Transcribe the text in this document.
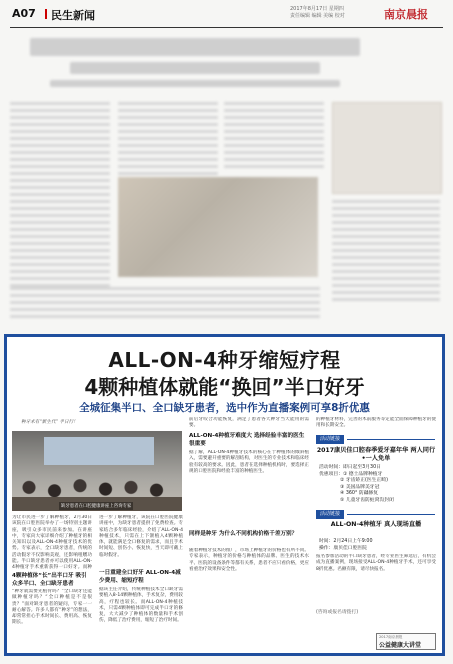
A07 民生新闻	2017年8月17日 星期四
责任编辑 编辑 美编 校对	南京晨报
ALL-ON-4种牙缩短疗程
4颗种植体就能“换回”半口好牙
全城征集半口、全口缺牙患者，选中作为直播案例可享8折优惠
种牙术有“新生代” 半日行！
缺牙患者在口腔健康讲座上咨询专家

为让市民进一步了解种植牙，2月30日该院在口腔医院举办了一场特别主题讲座，吸引众多市民前来参加。在讲座中，专家向大家详细介绍了种植牙的相关知识以及ALL-ON-4种植牙技术的优势。专家表示，全口缺牙患者，传统的活动假牙不仅影响美观，还影响咀嚼功能。半口缺牙患者亦可以使用ALL-ON-4种植牙手术重新获得一口好牙。而种

4颗种植体“长”出半口牙 吸引众多半口、全口缺牙患者

“种牙就需要先植骨吗？”全口缺牙还能做种植牙吗？“全口种植是不是很贵？”面对缺牙患者的疑问，专家一一耐心解答。许多人都有“种牙”的想法，却常常担心手术时间长、费用高、恢复期长。

进一步了解种植牙，该院在口腔医院健康讲座中，为缺牙患者提供了免费检查。专家结合多年临床经验，介绍了ALL-ON-4种植技术，只需在上下颌植入4颗种植体，就能满足全口修复的需求，而且手术时间短、创伤小、恢复快，当天即可戴上临时假牙。

一日重建全口好牙 ALL-ON-4减少费用、缩短疗程

据该主任介绍，传统种植技术全口缺牙需要植入8-14颗种植体，手术复杂，费用较高，疗程也较长。而ALL-ON-4种植技术，只需4颗种植体即可完成半口牙的修复，大大减少了种植体的数量和手术创伤，降低了治疗费用，缩短了治疗时间。

前后牙咬合功能恢复，满足了患者各天种牙当天能用的需要。

ALL-ON-4种植牙难度大 选择经验丰富的医生很重要

据了解，ALL-ON-4种植牙技术的核心在于种植体的倾斜植入，需要避开重要的解剖结构，对医生的专业技术和临床经验有较高的要求。因此，患者在选择种植机构时，要选择正规的口腔医院和经验丰富的种植医生。

同样是种牙 为什么不同机构价格千差万别？

随着种植牙技术的推广，市场上种植牙的价格也有所不同。专家表示，种植牙的价格与种植体的品牌、医生的技术水平、医院的设备条件等都有关系，患者不应只看价格，更应看重治疗效果和安全性。

的种植牙材料，完善的术前服务等定能全面保障种植牙的使用和长期安全。

活动链接
2017康贝佳口腔春季爱牙嘉年华 两人同行•一人免单
活动时间：即日起至3月30日
优惠项目：① 德士品牌种植牙
② 牙齿矫正(医生正畸)
③ 美国品牌美牙冠
④ 360° 防龋修复
⑤ 儿童牙齿防蛀窝沟封闭
活动链接
ALL-ON-4种植牙 真人现场直播
时间：2月24日上午9:00
操作：康贝佳口腔医院

报名参加活动的半口缺牙患者，经专业医生筛选后，有机会成为直播案例，现场接受ALL-ON-4种植牙手术，还可享受8折优惠。名额有限，请尽快报名。

(咨询或报名请拨打)
2017南京晨报
公益健康大讲堂
